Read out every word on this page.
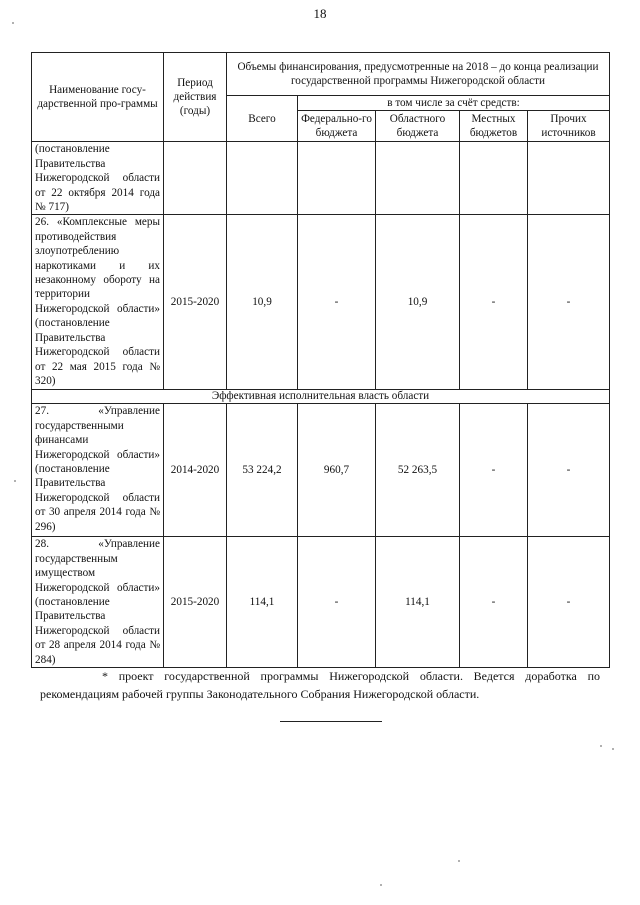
18
Наименование госу-дарственной про-граммы	Период действия (годы)	Объемы финансирования, предусмотренные на 2018 – до конца реализации государственной программы Нижегородской области				
		Всего	в том числе за счёт средств:			
			Федерально-го бюджета	Областного бюджета	Местных бюджетов	Прочих источников
(постановление Правительства Нижегородской области от 22 октября 2014 года № 717)						
26. «Комплексные меры противодействия злоупотреблению наркотиками и их незаконному обороту на территории Нижегородской области» (постановление Правительства Нижегородской области от 22 мая 2015 года № 320)	2015-2020	10,9	-	10,9	-	-
Эффективная исполнительная власть области						
27. «Управление государственными финансами Нижегородской области» (постановление Правительства Нижегородской области от 30 апреля 2014 года № 296)	2014-2020	53 224,2	960,7	52 263,5	-	-
28. «Управление государственным имуществом Нижегородской области» (постановление Правительства Нижегородской области от 28 апреля 2014 года № 284)	2015-2020	114,1	-	114,1	-	-
* проект государственной программы Нижегородской области. Ведется доработка по рекомендациям рабочей группы Законодательного Собрания Нижегородской области.
